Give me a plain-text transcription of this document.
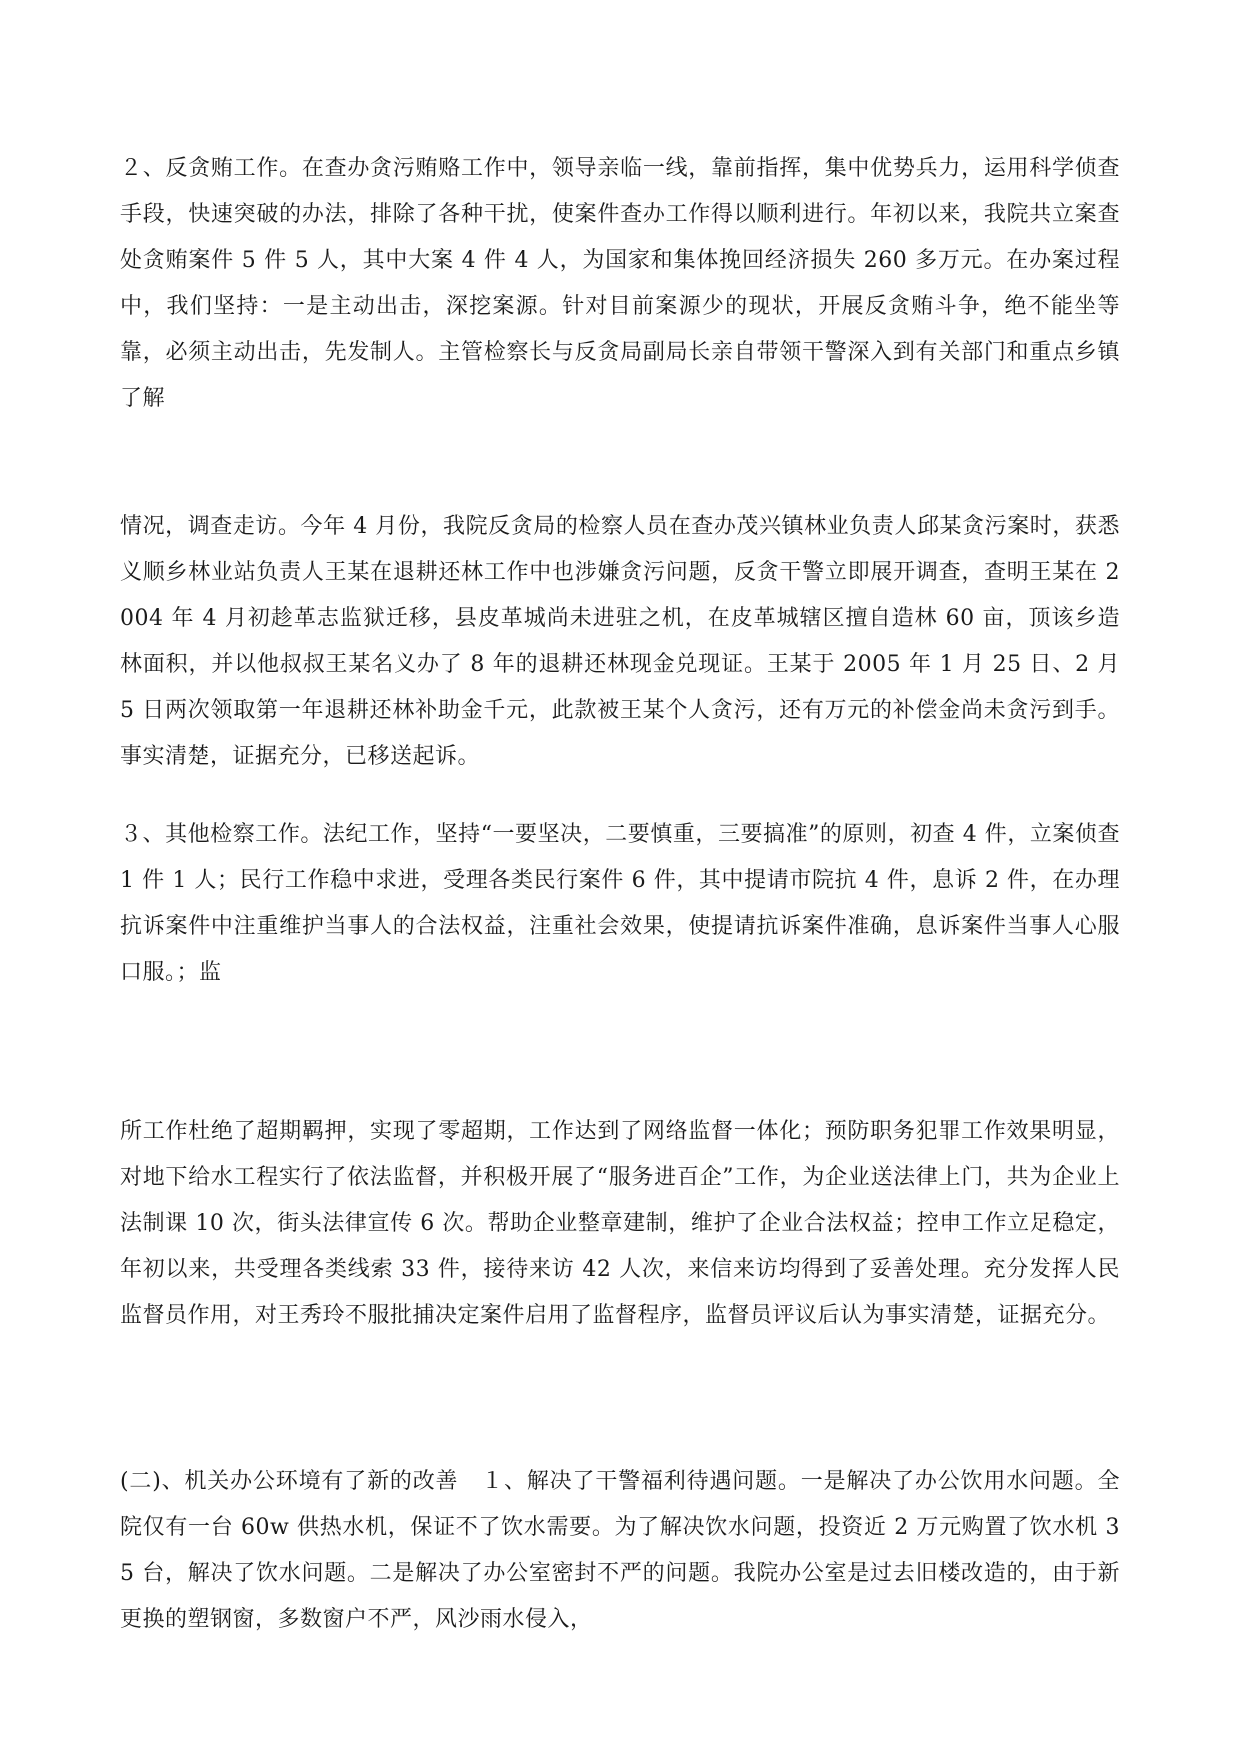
２、反贪贿工作。在查办贪污贿赂工作中，领导亲临一线，靠前指挥，集中优势兵力，运用科学侦查手段，快速突破的办法，排除了各种干扰，使案件查办工作得以顺利进行。年初以来，我院共立案查处贪贿案件 5 件 5 人，其中大案 4 件 4 人，为国家和集体挽回经济损失 260 多万元。在办案过程中，我们坚持：一是主动出击，深挖案源。针对目前案源少的现状，开展反贪贿斗争，绝不能坐等靠，必须主动出击，先发制人。主管检察长与反贪局副局长亲自带领干警深入到有关部门和重点乡镇了解

情况，调查走访。今年 4 月份，我院反贪局的检察人员在查办茂兴镇林业负责人邱某贪污案时，获悉义顺乡林业站负责人王某在退耕还林工作中也涉嫌贪污问题，反贪干警立即展开调查，查明王某在 2004 年 4 月初趁革志监狱迁移，县皮革城尚未进驻之机，在皮革城辖区擅自造林 60 亩，顶该乡造林面积，并以他叔叔王某名义办了 8 年的退耕还林现金兑现证。王某于 2005 年 1 月 25 日、2 月 5 日两次领取第一年退耕还林补助金千元，此款被王某个人贪污，还有万元的补偿金尚未贪污到手。事实清楚，证据充分，已移送起诉。

３、其他检察工作。法纪工作，坚持“一要坚决，二要慎重，三要搞准”的原则，初查 4 件，立案侦查 1 件 1 人；民行工作稳中求进，受理各类民行案件 6 件，其中提请市院抗 4 件，息诉 2 件，在办理抗诉案件中注重维护当事人的合法权益，注重社会效果，使提请抗诉案件准确，息诉案件当事人心服口服。；监

所工作杜绝了超期羁押，实现了零超期，工作达到了网络监督一体化；预防职务犯罪工作效果明显，对地下给水工程实行了依法监督，并积极开展了“服务进百企”工作，为企业送法律上门，共为企业上法制课 10 次，街头法律宣传 6 次。帮助企业整章建制，维护了企业合法权益；控申工作立足稳定，年初以来，共受理各类线索 33 件，接待来访 42 人次，来信来访均得到了妥善处理。充分发挥人民监督员作用，对王秀玲不服批捕决定案件启用了监督程序，监督员评议后认为事实清楚，证据充分。

(二)、机关办公环境有了新的改善　１、解决了干警福利待遇问题。一是解决了办公饮用水问题。全院仅有一台 60w 供热水机，保证不了饮水需要。为了解决饮水问题，投资近 2 万元购置了饮水机 35 台，解决了饮水问题。二是解决了办公室密封不严的问题。我院办公室是过去旧楼改造的，由于新更换的塑钢窗，多数窗户不严，风沙雨水侵入，
